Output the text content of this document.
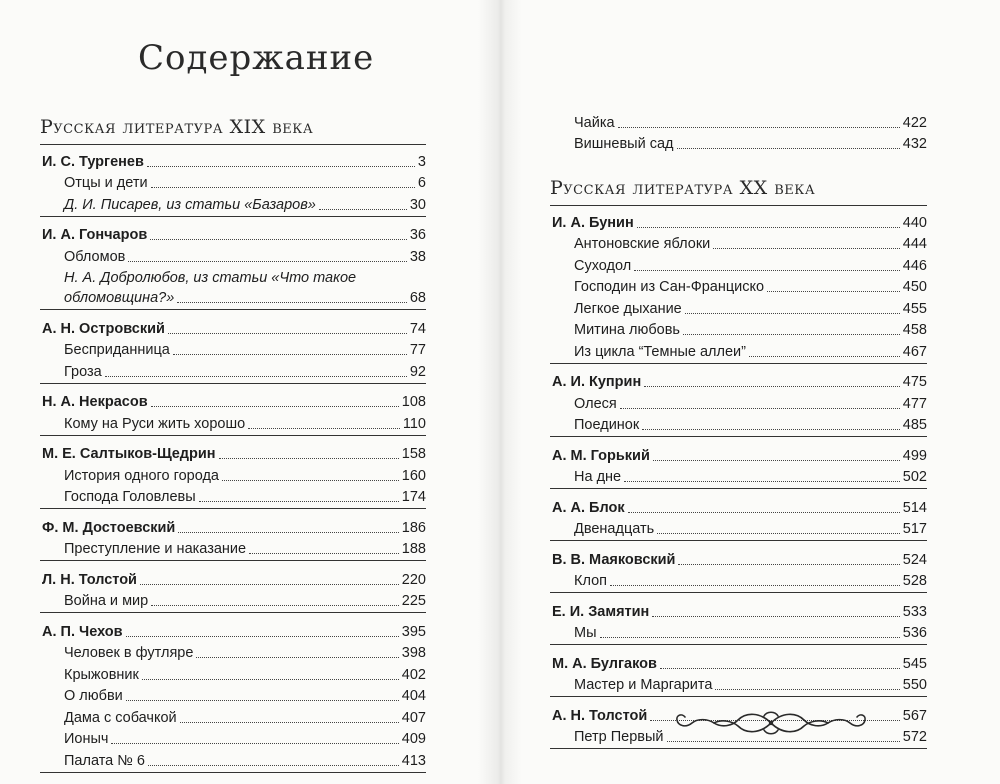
Содержание
Русская литература XIX века
И. С. Тургенев	3
Отцы и дети	6
Д. И. Писарев, из статьи «Базаров»	30
И. А. Гончаров	36
Обломов	38
Н. А. Добролюбов, из статьи «Что такое
обломовщина?»	68
А. Н. Островский	74
Бесприданница	77
Гроза	92
Н. А. Некрасов	108
Кому на Руси жить хорошо	110
М. Е. Салтыков-Щедрин	158
История одного города	160
Господа Головлевы	174
Ф. М. Достоевский	186
Преступление и наказание	188
Л. Н. Толстой	220
Война и мир	225
А. П. Чехов	395
Человек в футляре	398
Крыжовник	402
О любви	404
Дама с собачкой	407
Ионыч	409
Палата № 6	413
Чайка	422
Вишневый сад	432
Русская литература XX века
И. А. Бунин	440
Антоновские яблоки	444
Суходол	446
Господин из Сан-Франциско	450
Легкое дыхание	455
Митина любовь	458
Из цикла “Темные аллеи”	467
А. И. Куприн	475
Олеся	477
Поединок	485
А. М. Горький	499
На дне	502
А. А. Блок	514
Двенадцать	517
В. В. Маяковский	524
Клоп	528
Е. И. Замятин	533
Мы	536
М. А. Булгаков	545
Мастер и Маргарита	550
А. Н. Толстой	567
Петр Первый	572
